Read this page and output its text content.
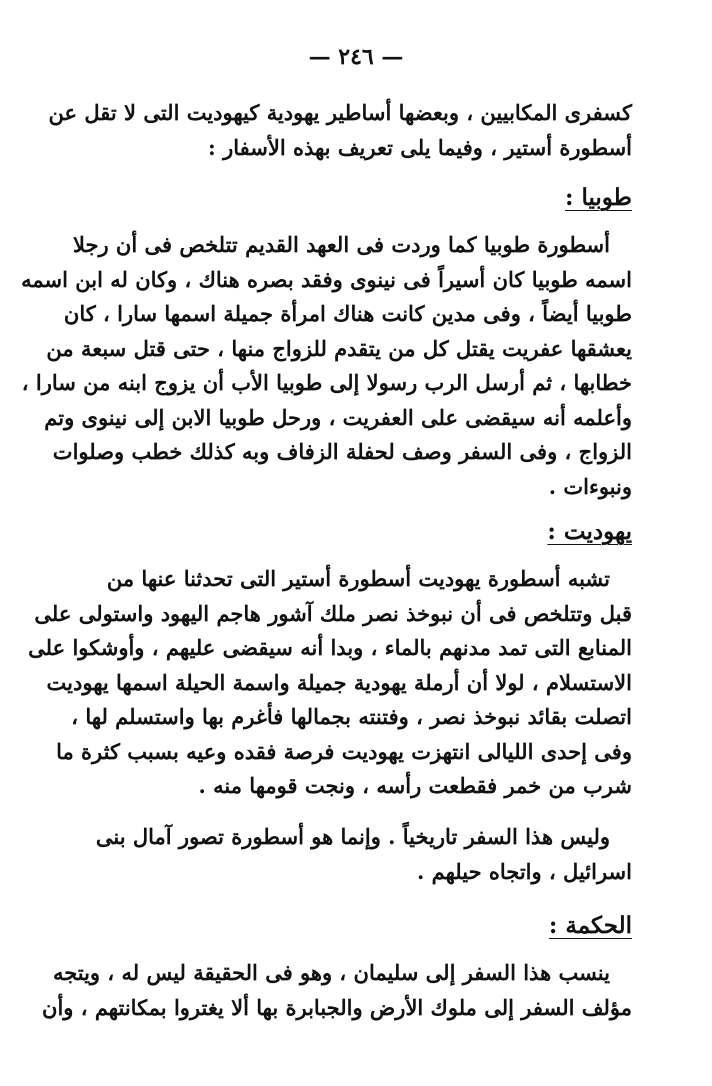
— ٢٤٦ —
كسفرى المكابيين ، وبعضها أساطير يهودية كيهوديت التى لا تقل عن
أسطورة أستير ، وفيما يلى تعريف بهذه الأسفار :
طوبيا :
أسطورة طوبيا كما وردت فى العهد القديم تتلخص فى أن رجلا
اسمه طوبيا كان أسيراً فى نينوى وفقد بصره هناك ، وكان له ابن اسمه
طوبيا أيضاً ، وفى مدين كانت هناك امرأة جميلة اسمها سارا ، كان
يعشقها عفريت يقتل كل من يتقدم للزواج منها ، حتى قتل سبعة من
خطابها ، ثم أرسل الرب رسولا إلى طوبيا الأب أن يزوج ابنه من سارا ،
وأعلمه أنه سيقضى على العفريت ، ورحل طوبيا الابن إلى نينوى وتم
الزواج ، وفى السفر وصف لحفلة الزفاف وبه كذلك خطب وصلوات
ونبوءات .
يهوديت :
تشبه أسطورة يهوديت أسطورة أستير التى تحدثنا عنها من
قبل وتتلخص فى أن نبوخذ نصر ملك آشور هاجم اليهود واستولى على
المنابع التى تمد مدنهم بالماء ، وبدا أنه سيقضى عليهم ، وأوشكوا على
الاستسلام ، لولا أن أرملة يهودية جميلة واسمة الحيلة اسمها يهوديت
اتصلت بقائد نبوخذ نصر ، وفتنته بجمالها فأغرم بها واستسلم لها ،
وفى إحدى الليالى انتهزت يهوديت فرصة فقده وعيه بسبب كثرة ما
شرب من خمر فقطعت رأسه ، ونجت قومها منه .
وليس هذا السفر تاريخياً . وإنما هو أسطورة تصور آمال بنى
اسرائيل ، واتجاه حيلهم .
الحكمة :
ينسب هذا السفر إلى سليمان ، وهو فى الحقيقة ليس له ، ويتجه
مؤلف السفر إلى ملوك الأرض والجبابرة بها ألا يغتروا بمكانتهم ، وأن
